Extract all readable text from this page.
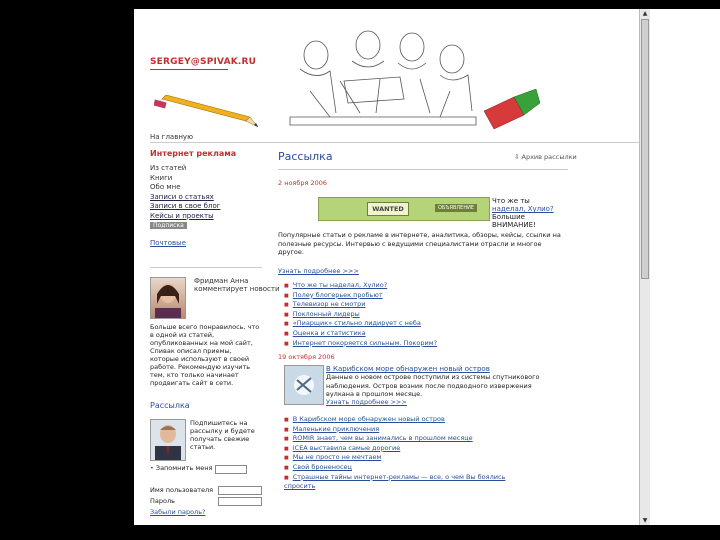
SERGEY@SPIVAK.RU
На главную
Интернет реклама
Из статей
Книги
Обо мне
Записи о статьях
Записи в свое блог
Кейсы и проекты
Подписка
Почтовые
Фридман Анна
комментирует новости
Больше всего понравилось, что в одной из статей, опубликованных на мой сайт, Спивак описал приемы, которые используют в своей работе. Рекомендую изучить тем, кто только начинает продвигать сайт в сети.
Рассылка
Подпишитесь на рассылку и будете получать свежие статьи.
• Запомнить меня
Имя пользователя
Пароль
Забыли пароль?
Рассылка	⇩ Архив рассылки
2 ноября 2006
WANTED	ОБЪЯВЛЕНИЕ
Что же ты
наделал, Хулио?
Большие
ВНИМАНИЕ!
Популярные статьи о рекламе в интернете, аналитика, обзоры, кейсы, ссылки на полезные ресурсы. Интервью с ведущими специалистами отрасли и многое другое.
Узнать подробнее >>>
■ Что же ты наделал, Хулио?
■ Полеу блогерьек пробьют
■ Телевизор не смотри
■ Поклонный лидеры
■ «Пиарщик» стильно лидирует с неба
■ Оценка и статистика
■ Интернет покоряется сильным. Покорим?
19 октября 2006
В Карибском море обнаружен новый остров
Данные о новом острове поступили из системы спутникового наблюдения. Остров возник после подводного извержения вулкана в прошлом месяце.
Узнать подробнее >>>
■ В Карибском море обнаружен новый остров
■ Маленькие приключения
■ ROMIR знает, чем вы занимались в прошлом месяце
■ ICEA выставила самые дорогие
■ Мы не просто не мечтаем
■ Свой броненосец
■ Страшные тайны интернет-рекламы — все, о чем Вы боялись спросить
▲
▼
